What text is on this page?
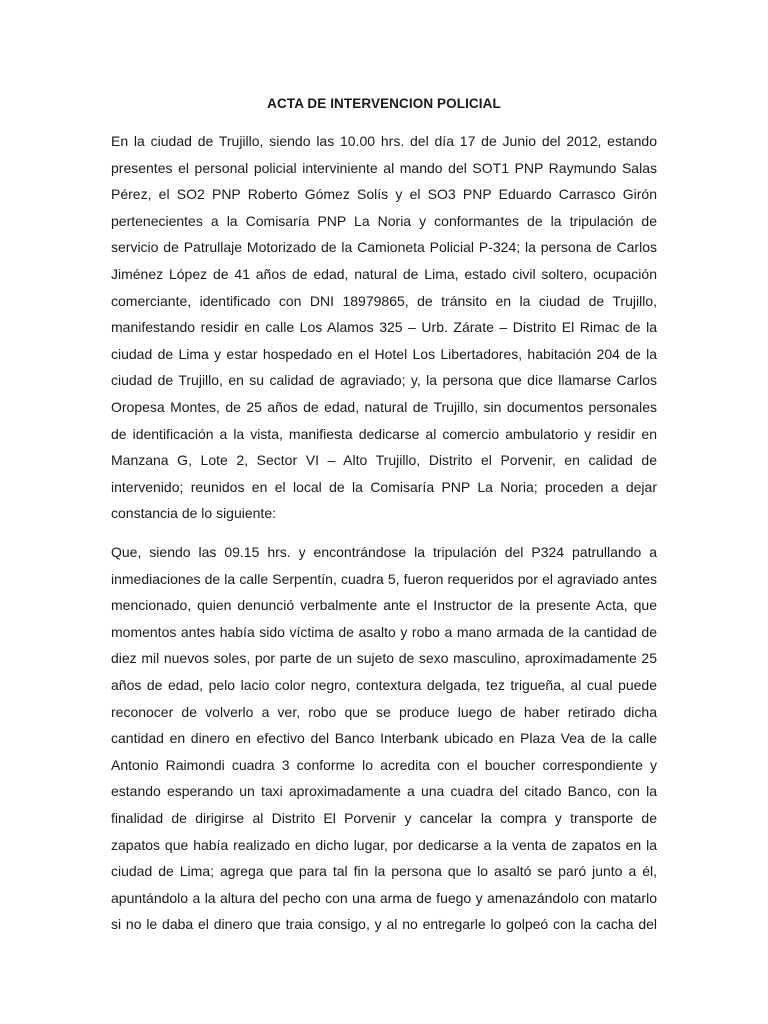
ACTA DE INTERVENCION POLICIAL
En la ciudad de Trujillo, siendo las 10.00 hrs. del día 17 de Junio del 2012, estando
presentes el personal policial interviniente al mando del SOT1 PNP Raymundo Salas
Pérez, el SO2 PNP Roberto Gómez Solís y el SO3 PNP Eduardo Carrasco Girón
pertenecientes a la Comisaría PNP La Noria y conformantes de la tripulación de
servicio de Patrullaje Motorizado de la Camioneta Policial P-324; la persona de Carlos
Jiménez López de 41 años de edad, natural de Lima, estado civil soltero, ocupación
comerciante, identificado con DNI 18979865, de tránsito en la ciudad de Trujillo,
manifestando residir en calle Los Alamos 325 – Urb. Zárate – Distrito El Rimac de la
ciudad de Lima y estar hospedado en el Hotel Los Libertadores, habitación 204 de la
ciudad de Trujillo, en su calidad de agraviado; y, la persona que dice llamarse Carlos
Oropesa Montes, de 25 años de edad, natural de Trujillo, sin documentos personales
de identificación a la vista, manifiesta dedicarse al comercio ambulatorio y residir en
Manzana G, Lote 2, Sector VI – Alto Trujillo, Distrito el Porvenir, en calidad de
intervenido; reunidos en el local de la Comisaría PNP La Noria; proceden a dejar
constancia de lo siguiente:
Que, siendo las 09.15 hrs. y encontrándose la tripulación del P324 patrullando a
inmediaciones de la calle Serpentín, cuadra 5, fueron requeridos por el agraviado antes
mencionado, quien denunció verbalmente ante el Instructor de la presente Acta, que
momentos antes había sido víctima de asalto y robo a mano armada de la cantidad de
diez mil nuevos soles, por parte de un sujeto de sexo masculino, aproximadamente 25
años de edad, pelo lacio color negro, contextura delgada, tez trigueña, al cual puede
reconocer de volverlo a ver, robo que se produce luego de haber retirado dicha
cantidad en dinero en efectivo del Banco Interbank ubicado en Plaza Vea de la calle
Antonio Raimondi cuadra 3 conforme lo acredita con el boucher correspondiente y
estando esperando un taxi aproximadamente a una cuadra del citado Banco, con la
finalidad de dirigirse al Distrito El Porvenir y cancelar la compra y transporte de
zapatos que había realizado en dicho lugar, por dedicarse a la venta de zapatos en la
ciudad de Lima; agrega que para tal fin la persona que lo asaltó se paró junto a él,
apuntándolo a la altura del pecho con una arma de fuego y amenazándolo con matarlo
si no le daba el dinero que traia consigo, y al no entregarle lo golpeó con la cacha del
